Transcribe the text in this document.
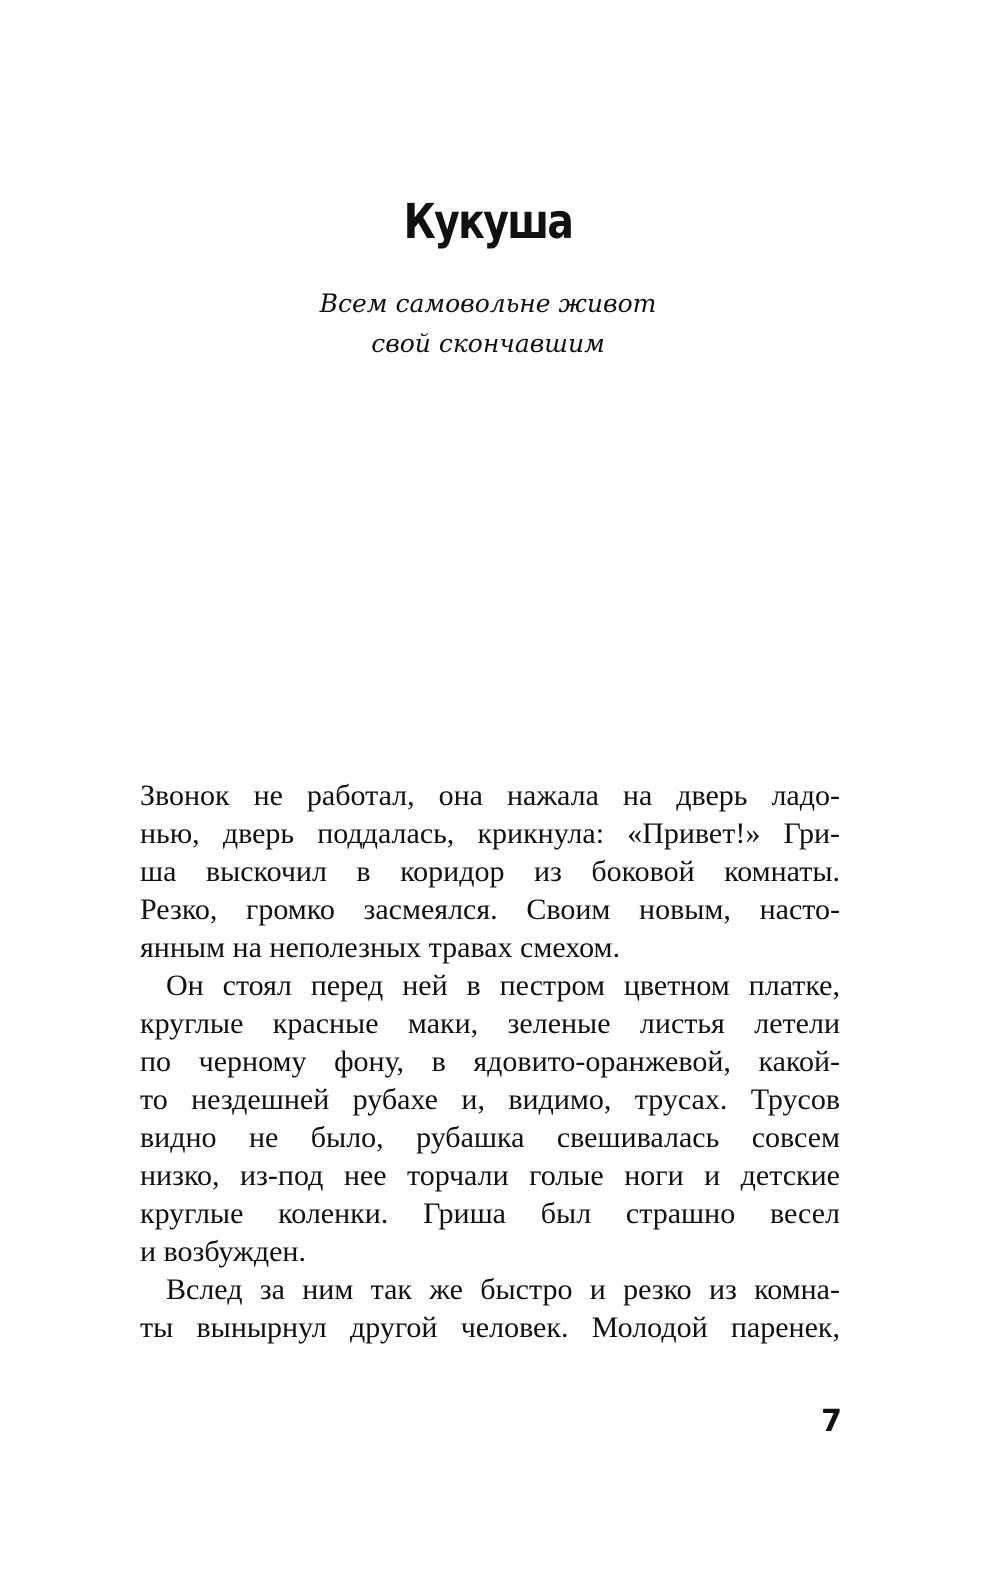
Кукуша
Всем самовольне живот
свой скончавшим
Звонок не работал, она нажала на дверь ладо-
нью, дверь поддалась, крикнула: «Привет!» Гри-
ша выскочил в коридор из боковой комнаты.
Резко, громко засмеялся. Своим новым, насто-
янным на неполезных травах смехом.
Он стоял перед ней в пестром цветном платке,
круглые красные маки, зеленые листья летели
по черному фону, в ядовито-оранжевой, какой-
то нездешней рубахе и, видимо, трусах. Трусов
видно не было, рубашка свешивалась совсем
низко, из-под нее торчали голые ноги и детские
круглые коленки. Гриша был страшно весел
и возбужден.
Вслед за ним так же быстро и резко из комна-
ты вынырнул другой человек. Молодой паренек,
7
